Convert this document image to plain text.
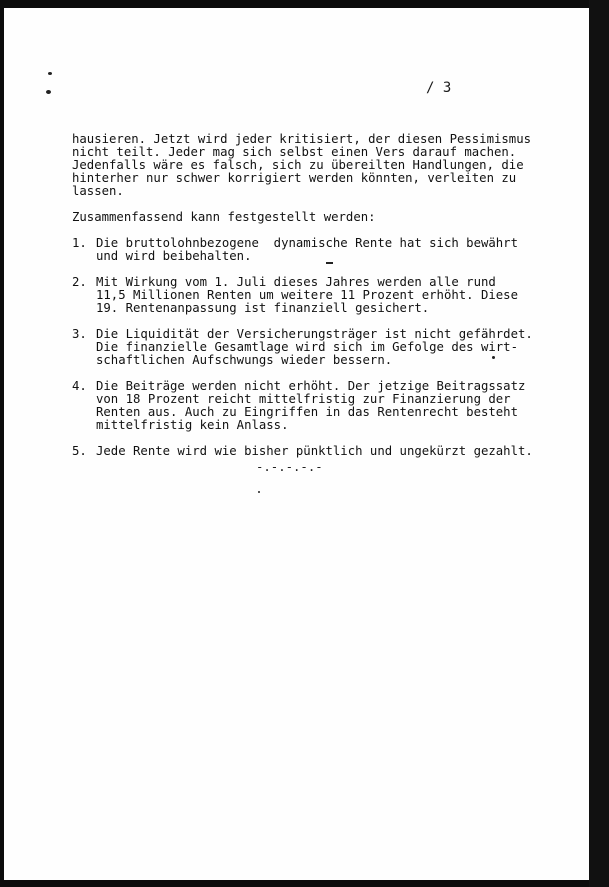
/ 3
hausieren. Jetzt wird jeder kritisiert, der diesen Pessimismus
nicht teilt. Jeder mag sich selbst einen Vers darauf machen.
Jedenfalls wäre es falsch, sich zu übereilten Handlungen, die
hinterher nur schwer korrigiert werden könnten, verleiten zu
lassen.
Zusammenfassend kann festgestellt werden:
1. Die bruttolohnbezogene  dynamische Rente hat sich bewährt
und wird beibehalten.
2. Mit Wirkung vom 1. Juli dieses Jahres werden alle rund
11,5 Millionen Renten um weitere 11 Prozent erhöht. Diese
19. Rentenanpassung ist finanziell gesichert.
3. Die Liquidität der Versicherungsträger ist nicht gefährdet.
Die finanzielle Gesamtlage wird sich im Gefolge des wirt-
schaftlichen Aufschwungs wieder bessern.
4. Die Beiträge werden nicht erhöht. Der jetzige Beitragssatz
von 18 Prozent reicht mittelfristig zur Finanzierung der
Renten aus. Auch zu Eingriffen in das Rentenrecht besteht
mittelfristig kein Anlass.
5. Jede Rente wird wie bisher pünktlich und ungekürzt gezahlt.
-.-.-.-.-
